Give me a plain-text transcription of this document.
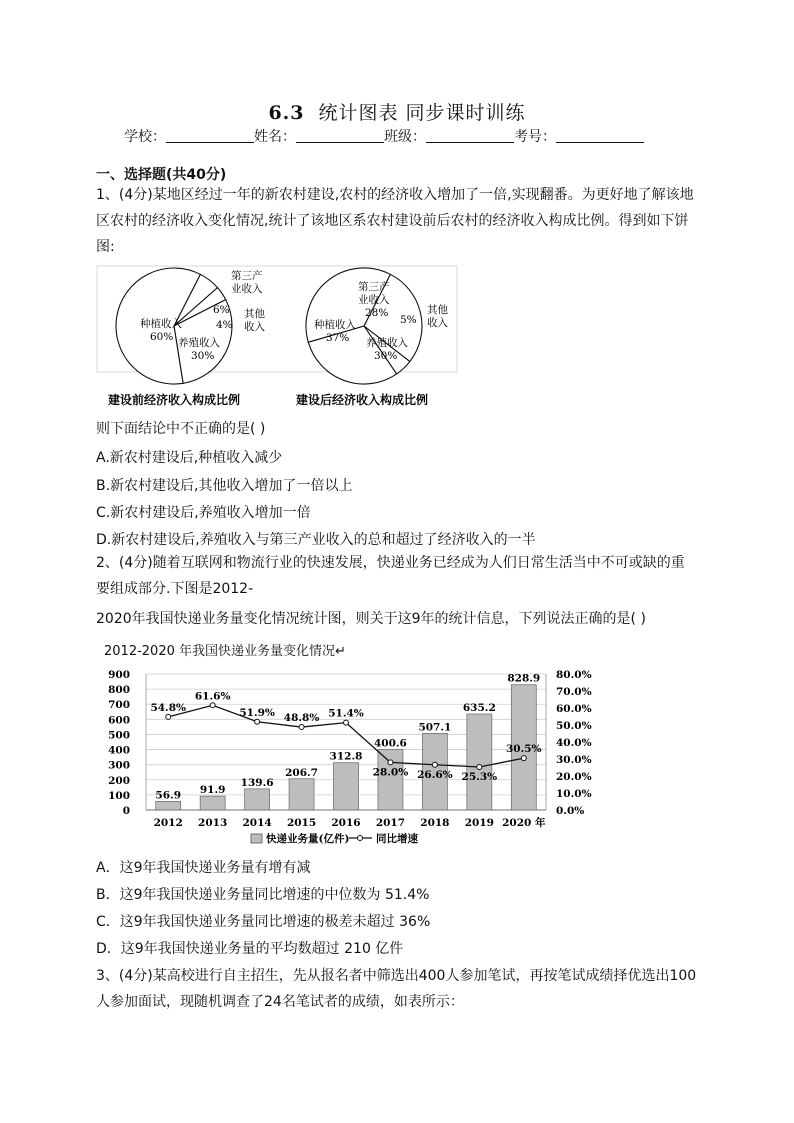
6.3 统计图表 同步课时训练
学校：	姓名：	班级：	考号：
一、选择题(共40分)
1、(4分)某地区经过一年的新农村建设,农村的经济收入增加了一倍,实现翻番。为更好地了解该地区农村的经济收入变化情况,统计了该地区系农村建设前后农村的经济收入构成比例。得到如下饼图:
种植收入
60%
第三产
业收入
6% 其他
收入
4%
养殖收入
30%
种植收入
37%
第三产
业收入
28%	其他
收入
5%
养殖收入
30%
建设前经济收入构成比例	建设后经济收入构成比例
则下面结论中不正确的是( )
A.新农村建设后,种植收入减少
B.新农村建设后,其他收入增加了一倍以上
C.新农村建设后,养殖收入增加一倍
D.新农村建设后,养殖收入与第三产业收入的总和超过了经济收入的一半
2、(4分)随着互联网和物流行业的快速发展，快递业务已经成为人们日常生活当中不可或缺的重要组成部分.下图是2012-
2020年我国快递业务量变化情况统计图，则关于这9年的统计信息，下列说法正确的是( )
2012-2020 年我国快递业务量变化情况↵
900
800
700
600
500
400
300
200
100
0
80.0%
70.0%
60.0%
50.0%
40.0%
30.0%
20.0%
10.0%
0.0%
2012 2013 2014 2015 2016 2017 2018 2019 2020 年
56.9 91.9
139.6
206.7
312.8
400.6
507.1
635.2
828.9
54.8%
61.6%
51.9% 48.8% 51.4%
28.0% 26.6% 25.3%
30.5%
快递业务量(亿件)	同比增速
A．这9年我国快递业务量有增有减
B．这9年我国快递业务量同比增速的中位数为 51.4%
C．这9年我国快递业务量同比增速的极差未超过 36%
D．这9年我国快递业务量的平均数超过 210 亿件
3、(4分)某高校进行自主招生，先从报名者中筛选出400人参加笔试，再按笔试成绩择优选出100人参加面试，现随机调查了24名笔试者的成绩，如表所示：
